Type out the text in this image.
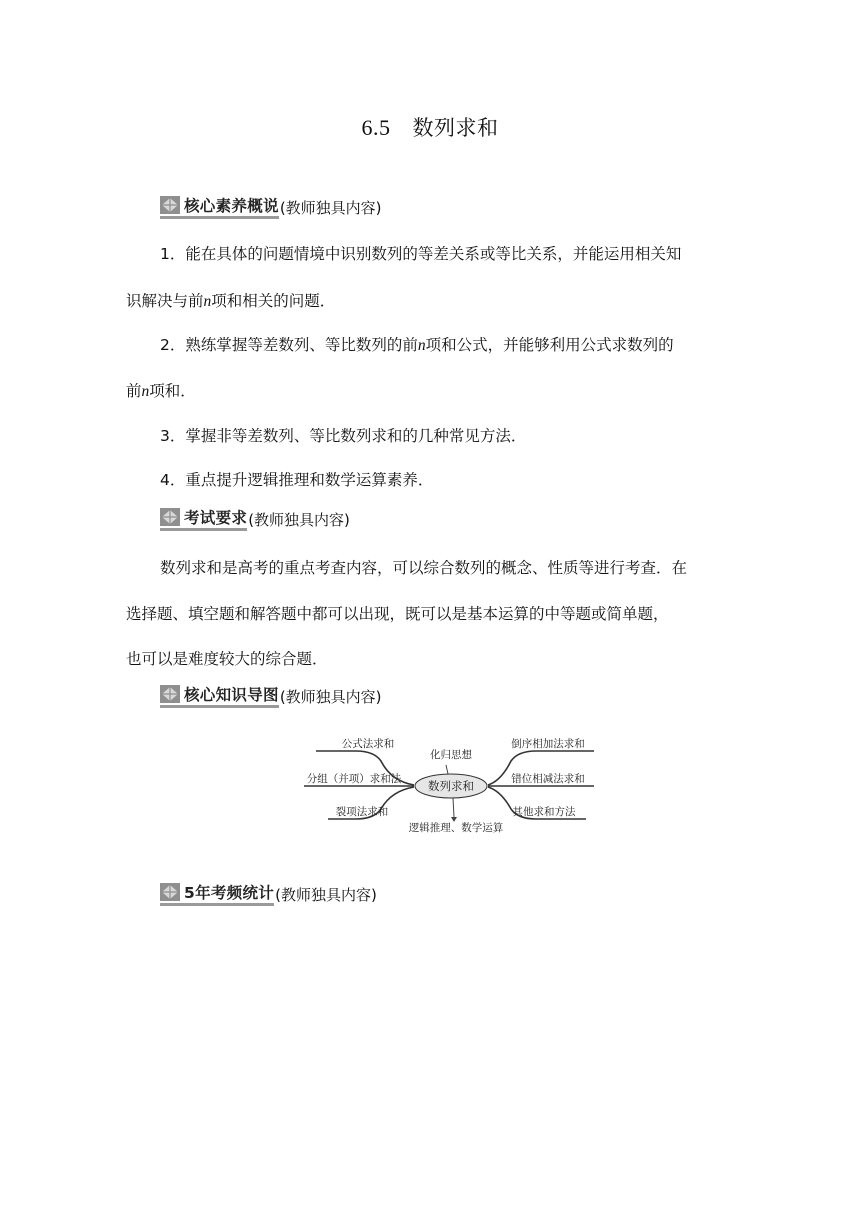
6.5 数列求和
核心素养概说 (教师独具内容)
1．能在具体的问题情境中识别数列的等差关系或等比关系，并能运用相关知
识解决与前n项和相关的问题．
2．熟练掌握等差数列、等比数列的前n项和公式，并能够利用公式求数列的
前n项和．
3．掌握非等差数列、等比数列求和的几种常见方法．
4．重点提升逻辑推理和数学运算素养．
考试要求 (教师独具内容)
数列求和是高考的重点考查内容，可以综合数列的概念、性质等进行考查．在
选择题、填空题和解答题中都可以出现，既可以是基本运算的中等题或简单题，
也可以是难度较大的综合题．
核心知识导图 (教师独具内容)
数列求和
化归思想
逻辑推理、数学运算
公式法求和
分组（并项）求和法
裂项法求和
倒序相加法求和
错位相减法求和
其他求和方法
5年考频统计 (教师独具内容)
